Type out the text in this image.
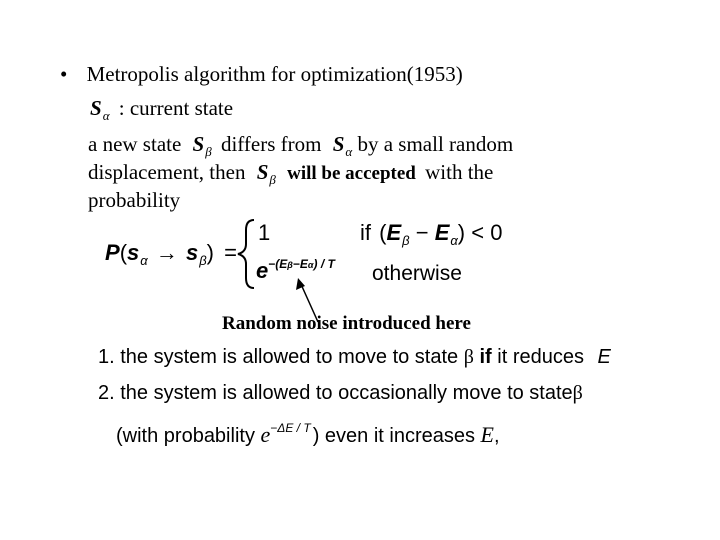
• Metropolis algorithm for optimization(1953)
$S_\alpha$ : current state
a new state $S_\beta$ differs from $S_\alpha$ by a small random
displacement, then $S_\beta$ will be accepted with the
probability
$P(s_\alpha \to s_\beta)$ =
1	if $(E_\beta - E_\alpha) < 0$
$e^{-(E\beta-E\alpha) / T}$ otherwise
Random noise introduced here
1. the system is allowed to move to state β if it reduces E
2. the system is allowed to occasionally move to stateβ
(with probability $e^{-\Delta E / T}$ ) even it increases E,
